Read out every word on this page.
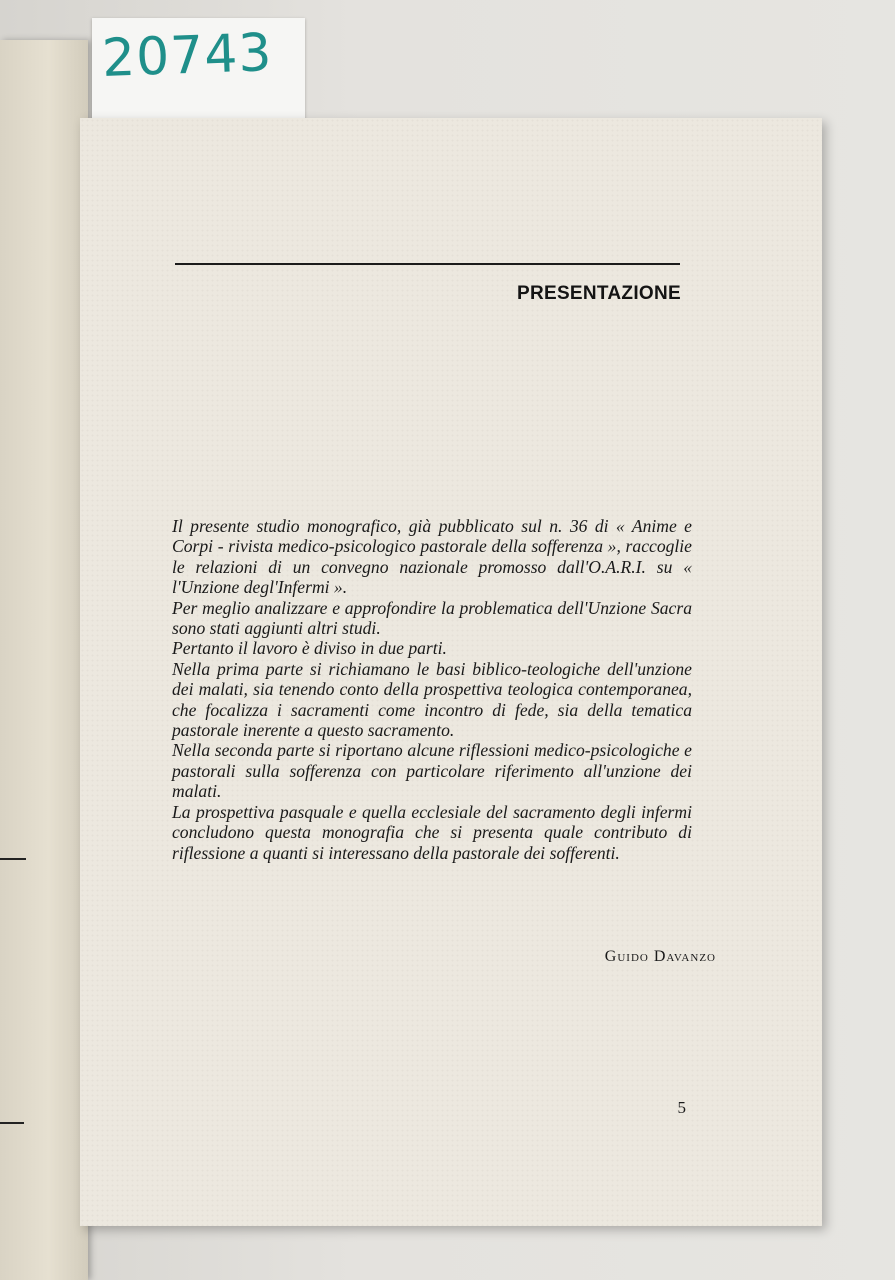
20743
PRESENTAZIONE

Il presente studio monografico, già pubblicato sul n. 36 di « Anime e Corpi - rivista medico-psicologico pastorale della sofferenza », raccoglie le relazioni di un convegno nazionale promosso dall'O.A.R.I. su « l'Unzione degl'Infermi ».

Per meglio analizzare e approfondire la problematica dell'Unzione Sacra sono stati aggiunti altri studi.

Pertanto il lavoro è diviso in due parti.

Nella prima parte si richiamano le basi biblico-teologiche dell'unzione dei malati, sia tenendo conto della prospettiva teologica contemporanea, che focalizza i sacramenti come incontro di fede, sia della tematica pastorale inerente a questo sacramento.

Nella seconda parte si riportano alcune riflessioni medico-psicologiche e pastorali sulla sofferenza con particolare riferimento all'unzione dei malati.

La prospettiva pasquale e quella ecclesiale del sacramento degli infermi concludono questa monografia che si presenta quale contributo di riflessione a quanti si interessano della pastorale dei sofferenti.

Guido Davanzo
5
